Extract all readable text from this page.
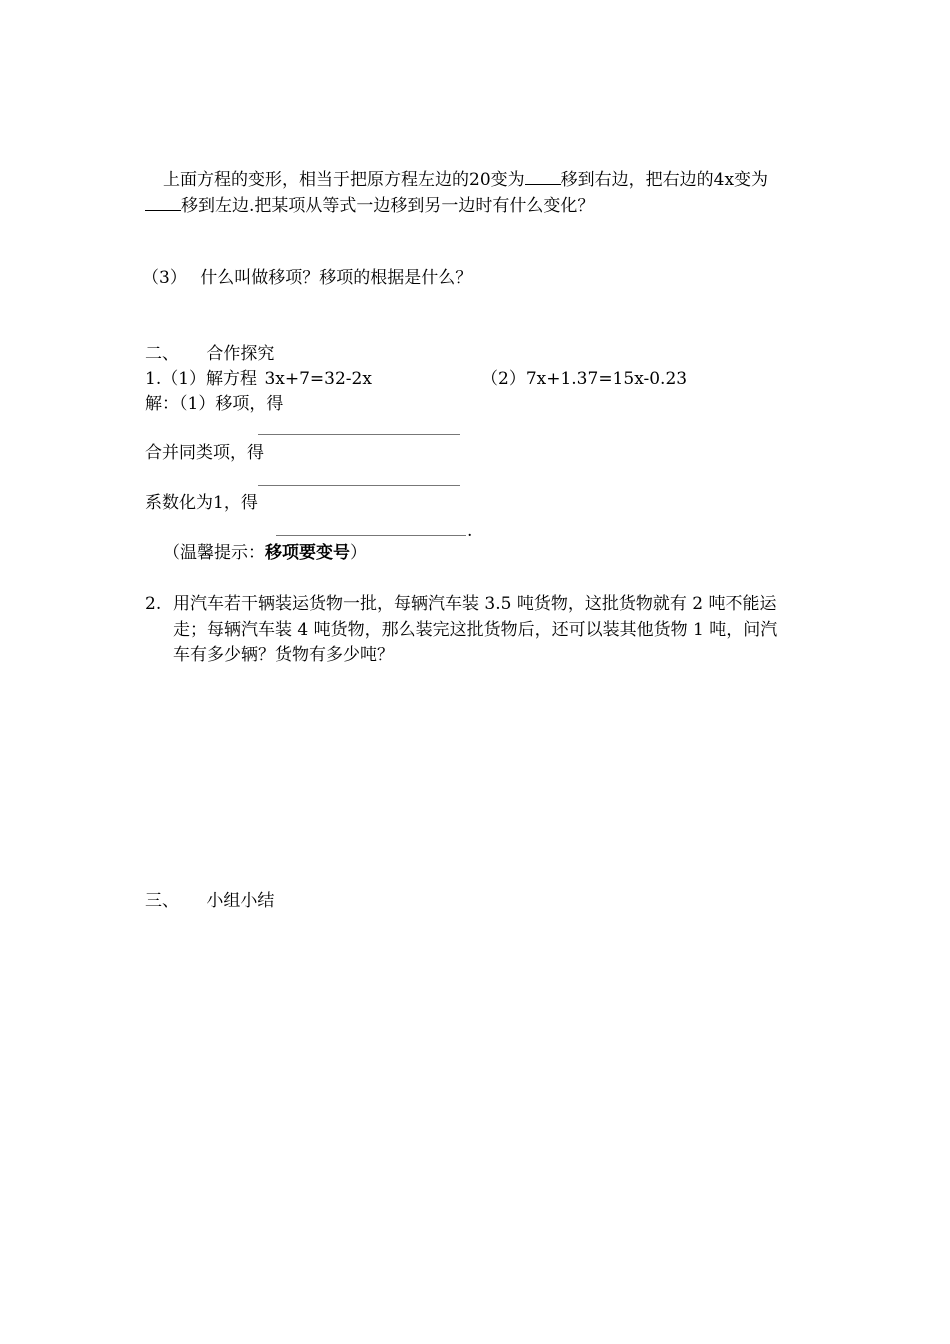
上面方程的变形，相当于把原方程左边的20变为 移到右边，把右边的4x变为
移到左边.把某项从等式一边移到另一边时有什么变化？
（3） 什么叫做移项？移项的根据是什么？
二、 合作探究
1.（1）解方程 3x+7=32-2x	（2）7x+1.37=15x-0.23
解：（1）移项，得
合并同类项，得
系数化为1，得
.
（温馨提示：移项要变号）
2. 用汽车若干辆装运货物一批，每辆汽车装 3.5 吨货物，这批货物就有 2 吨不能运
走；每辆汽车装 4 吨货物，那么装完这批货物后，还可以装其他货物 1 吨，问汽
车有多少辆？货物有多少吨？
三、 小组小结
